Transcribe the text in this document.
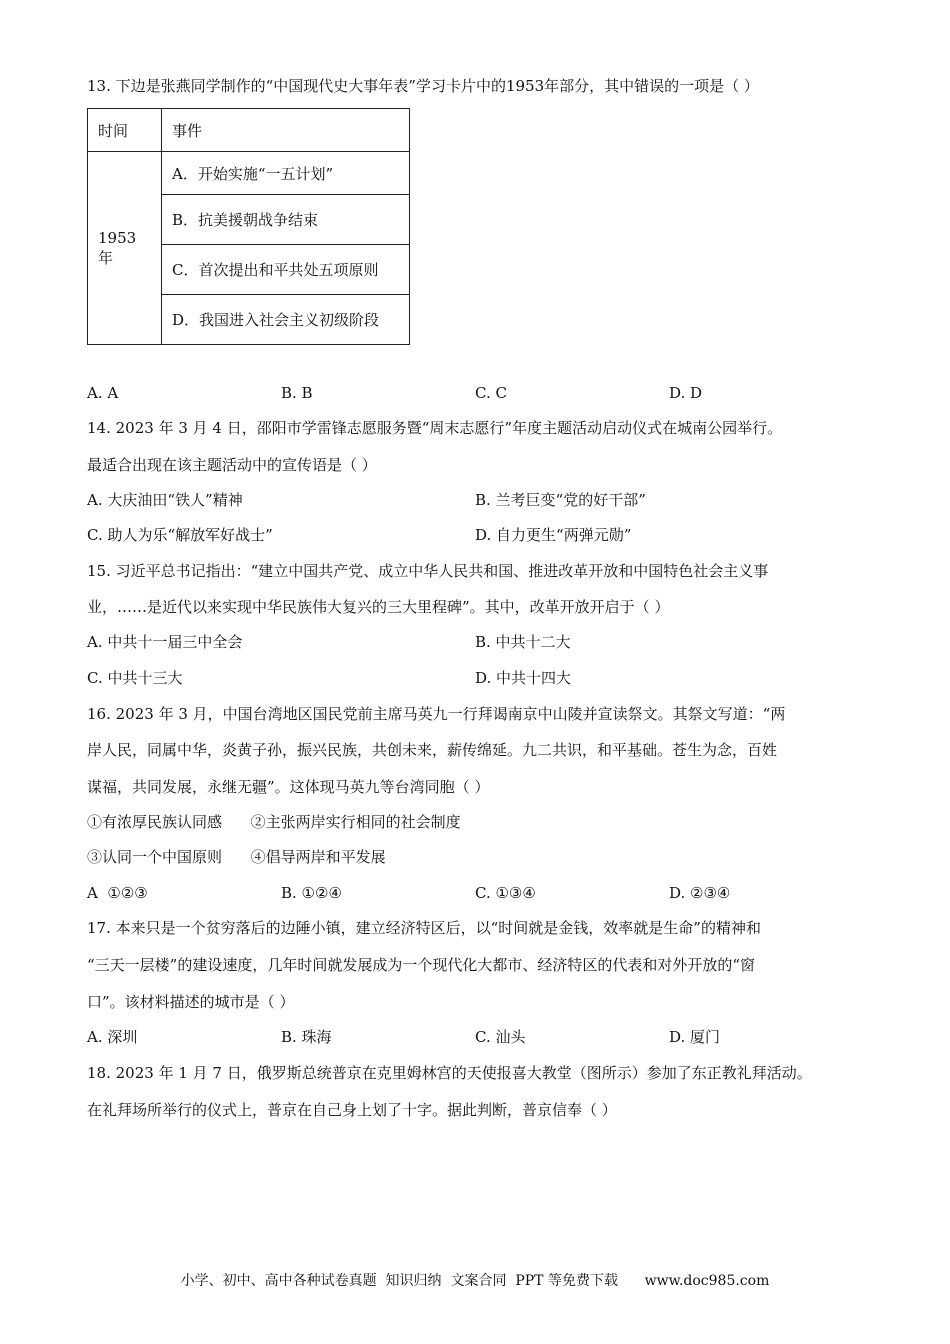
13. 下边是张燕同学制作的“中国现代史大事年表”学习卡片中的1953年部分，其中错误的一项是（ ）
时间	事件
1953 年	A．开始实施“一五计划”
	B．抗美援朝战争结束
	C．首次提出和平共处五项原则
	D．我国进入社会主义初级阶段
A. A	B. B	C. C	D. D
14. 2023 年 3 月 4 日，邵阳市学雷锋志愿服务暨“周末志愿行”年度主题活动启动仪式在城南公园举行。
最适合出现在该主题活动中的宣传语是（ ）
A. 大庆油田“铁人”精神	B. 兰考巨变“党的好干部”
C. 助人为乐“解放军好战士”	D. 自力更生“两弹元勋”
15. 习近平总书记指出：“建立中国共产党、成立中华人民共和国、推进改革开放和中国特色社会主义事
业，……是近代以来实现中华民族伟大复兴的三大里程碑”。其中，改革开放开启于（ ）
A. 中共十一届三中全会	B. 中共十二大
C. 中共十三大	D. 中共十四大
16. 2023 年 3 月，中国台湾地区国民党前主席马英九一行拜谒南京中山陵并宣读祭文。其祭文写道：“两
岸人民，同属中华，炎黄子孙，振兴民族，共创未来，薪传绵延。九二共识，和平基础。苍生为念，百姓
谋福，共同发展，永继无疆”。这体现马英九等台湾同胞（ ）
①有浓厚民族认同感      ②主张两岸实行相同的社会制度
③认同一个中国原则      ④倡导两岸和平发展
A  ①②③	B. ①②④	C. ①③④	D. ②③④
17. 本来只是一个贫穷落后的边陲小镇，建立经济特区后，以“时间就是金钱，效率就是生命”的精神和
“三天一层楼”的建设速度，几年时间就发展成为一个现代化大都市、经济特区的代表和对外开放的“窗
口”。该材料描述的城市是（ ）
A. 深圳	B. 珠海	C. 汕头	D. 厦门
18. 2023 年 1 月 7 日，俄罗斯总统普京在克里姆林宫的天使报喜大教堂（图所示）参加了东正教礼拜活动。
在礼拜场所举行的仪式上，普京在自己身上划了十字。据此判断，普京信奉（ ）
小学、初中、高中各种试卷真题  知识归纳  文案合同  PPT 等免费下载      www.doc985.com
